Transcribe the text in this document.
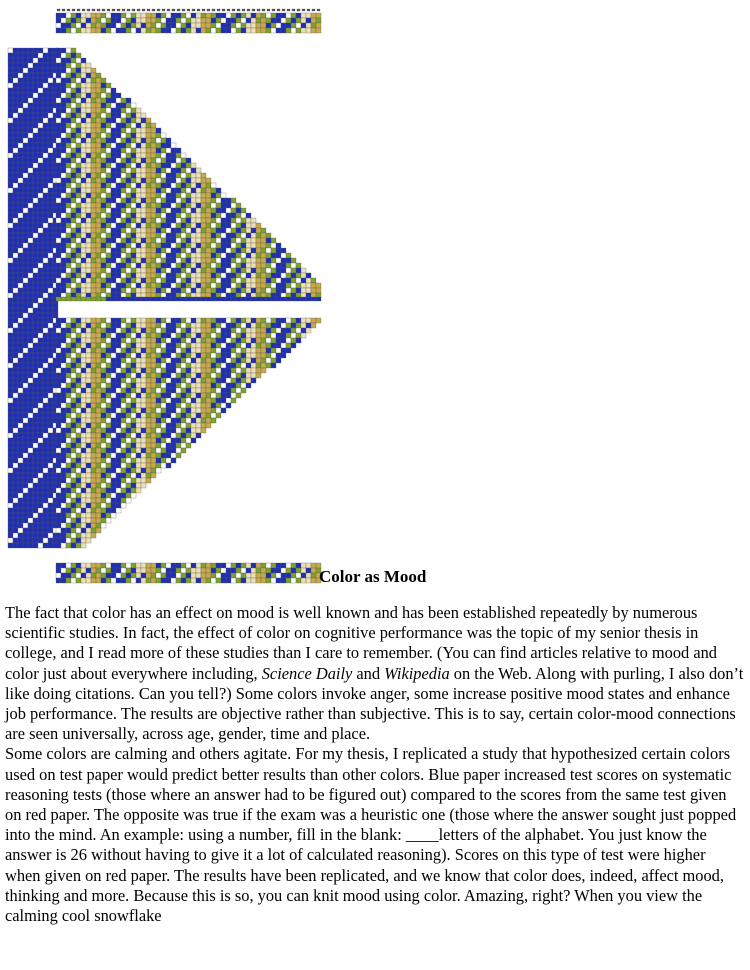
Color as Mood

The fact that color has an effect on mood is well known and has been established repeatedly by numerous scientific studies. In fact, the effect of color on cognitive performance was the topic of my senior thesis in college, and I read more of these studies than I care to remember. (You can find articles relative to mood and color just about everywhere including, Science Daily and Wikipedia on the Web. Along with purling, I also don’t like doing citations. Can you tell?) Some colors invoke anger, some increase positive mood states and enhance job performance. The results are objective rather than subjective. This is to say, certain color-mood connections are seen universally, across age, gender, time and place.

Some colors are calming and others agitate. For my thesis, I replicated a study that hypothesized certain colors used on test paper would predict better results than other colors. Blue paper increased test scores on systematic reasoning tests (those where an answer had to be figured out) compared to the scores from the same test given on red paper. The opposite was true if the exam was a heuristic one (those where the answer sought just popped into the mind. An example: using a number, fill in the blank: ____letters of the alphabet. You just know the answer is 26 without having to give it a lot of calculated reasoning). Scores on this type of test were higher when given on red paper. The results have been replicated, and we know that color does, indeed, affect mood, thinking and more. Because this is so, you can knit mood using color. Amazing, right? When you view the calming cool snowflake
